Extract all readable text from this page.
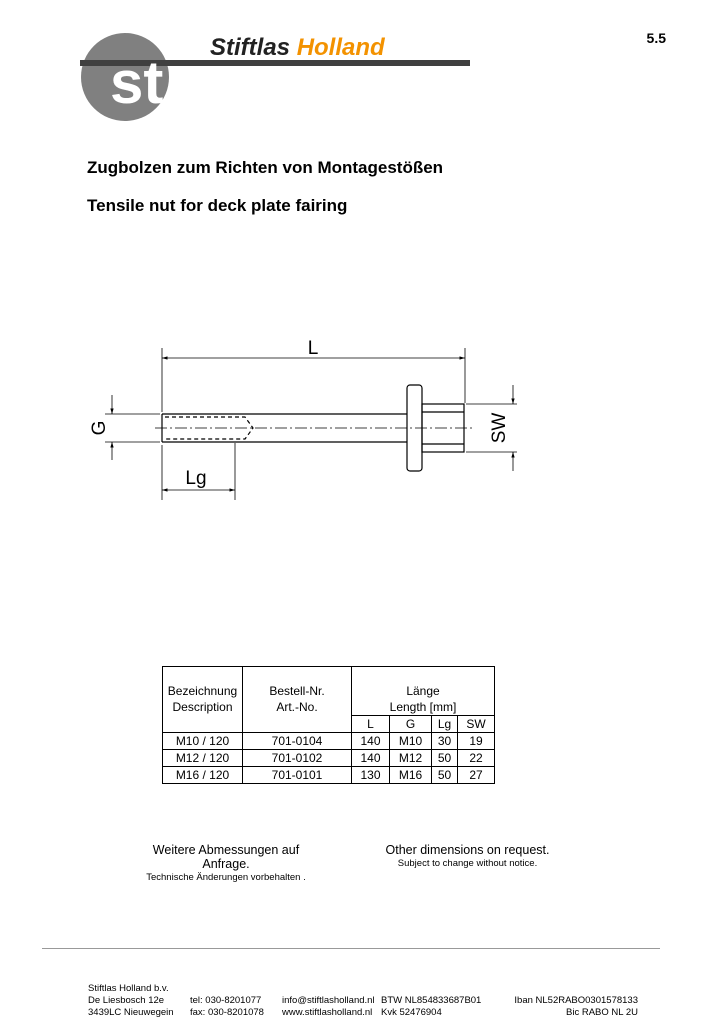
5.5
st
Stiftlas Holland
Zugbolzen zum Richten von Montagestößen
Tensile nut for deck plate fairing
L
Lg
G	SW

Bezeichnung	Bestell-Nr.	Länge			
Description	Art.-No.	Length [mm]			
		L	G	Lg	SW
M10 / 120	701-0104	140	M10	30	19
M12 / 120	701-0102	140	M12	50	22
M16 / 120	701-0101	130	M16	50	27
Weitere Abmessungen auf Anfrage.
Technische Änderungen vorbehalten .
Other dimensions on request.
Subject to change without notice.
Stiftlas Holland b.v.
De Liesbosch 12e	tel: 030-8201077 info@stiftlasholland.nl BTW NL854833687B01	Iban NL52RABO0301578133
3439LC Nieuwegein fax: 030-8201078 www.stiftlasholland.nl Kvk 52476904	Bic RABO NL 2U
